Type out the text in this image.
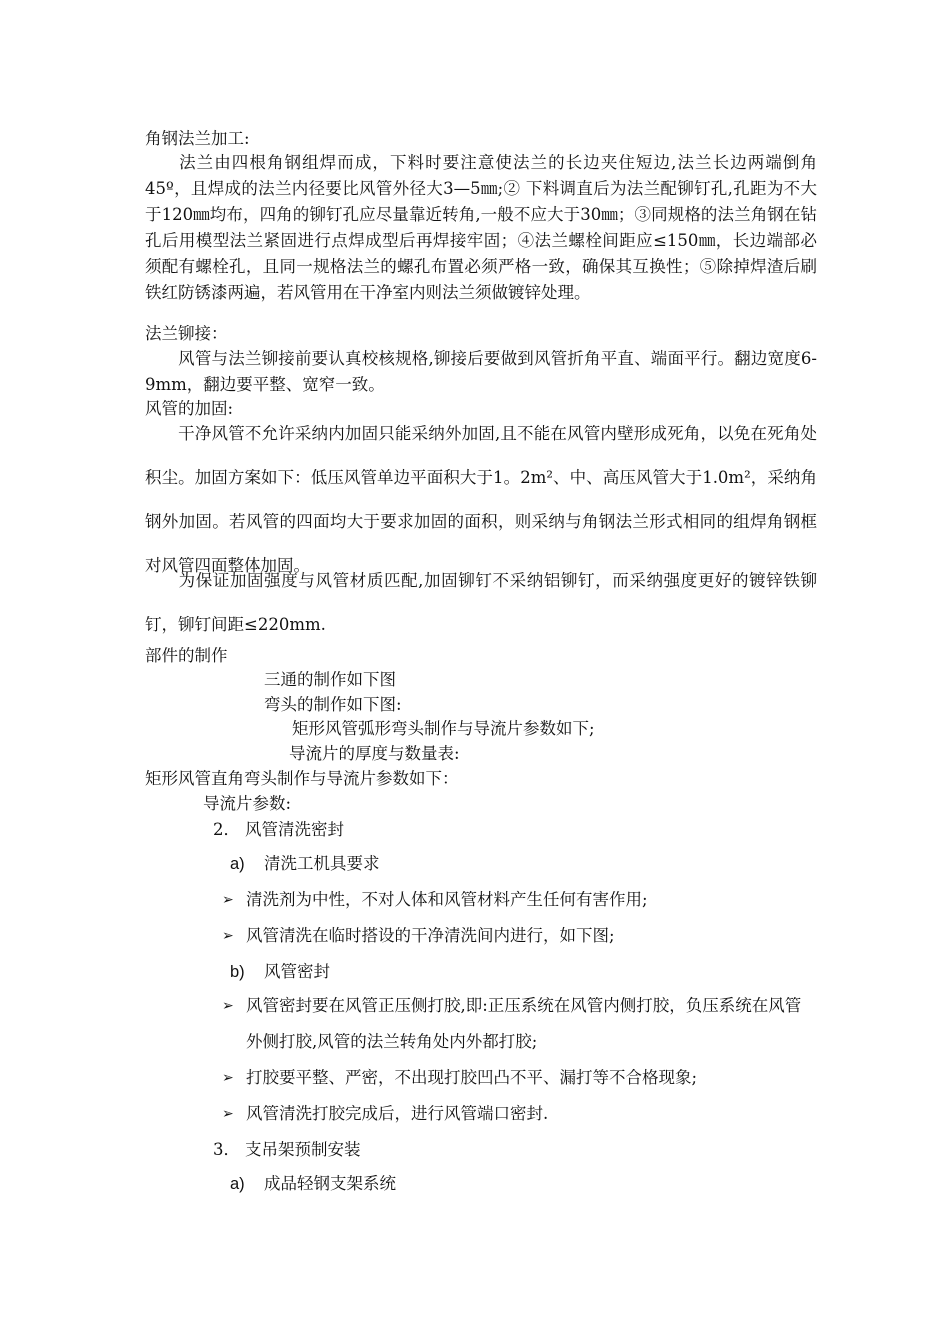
角钢法兰加工:
法兰由四根角钢组焊而成，下料时要注意使法兰的长边夹住短边,法兰长边两端倒角45º，且焊成的法兰内径要比风管外径大3—5㎜;② 下料调直后为法兰配铆钉孔,孔距为不大于120㎜均布，四角的铆钉孔应尽量靠近转角,一般不应大于30㎜；③同规格的法兰角钢在钻孔后用模型法兰紧固进行点焊成型后再焊接牢固；④法兰螺栓间距应≤150㎜，长边端部必须配有螺栓孔，且同一规格法兰的螺孔布置必须严格一致，确保其互换性；⑤除掉焊渣后刷铁红防锈漆两遍，若风管用在干净室内则法兰须做镀锌处理。
法兰铆接：
风管与法兰铆接前要认真校核规格,铆接后要做到风管折角平直、端面平行。翻边宽度6-9mm，翻边要平整、宽窄一致。
风管的加固:
干净风管不允许采纳内加固只能采纳外加固,且不能在风管内壁形成死角，以免在死角处积尘。加固方案如下：低压风管单边平面积大于1。2m²、中、高压风管大于1.0m²，采纳角钢外加固。若风管的四面均大于要求加固的面积，则采纳与角钢法兰形式相同的组焊角钢框对风管四面整体加固。
为保证加固强度与风管材质匹配,加固铆钉不采纳铝铆钉，而采纳强度更好的镀锌铁铆钉，铆钉间距≤220mm.
部件的制作
三通的制作如下图
弯头的制作如下图:
矩形风管弧形弯头制作与导流片参数如下;
导流片的厚度与数量表:
矩形风管直角弯头制作与导流片参数如下：
导流片参数:
2． 风管清洗密封
a) 清洗工机具要求
➢ 清洗剂为中性，不对人体和风管材料产生任何有害作用;
➢ 风管清洗在临时搭设的干净清洗间内进行，如下图;
b) 风管密封
➢ 风管密封要在风管正压侧打胶,即:正压系统在风管内侧打胶，负压系统在风管外侧打胶,风管的法兰转角处内外都打胶;
➢ 打胶要平整、严密，不出现打胶凹凸不平、漏打等不合格现象;
➢ 风管清洗打胶完成后，进行风管端口密封.
3． 支吊架预制安装
a) 成品轻钢支架系统
